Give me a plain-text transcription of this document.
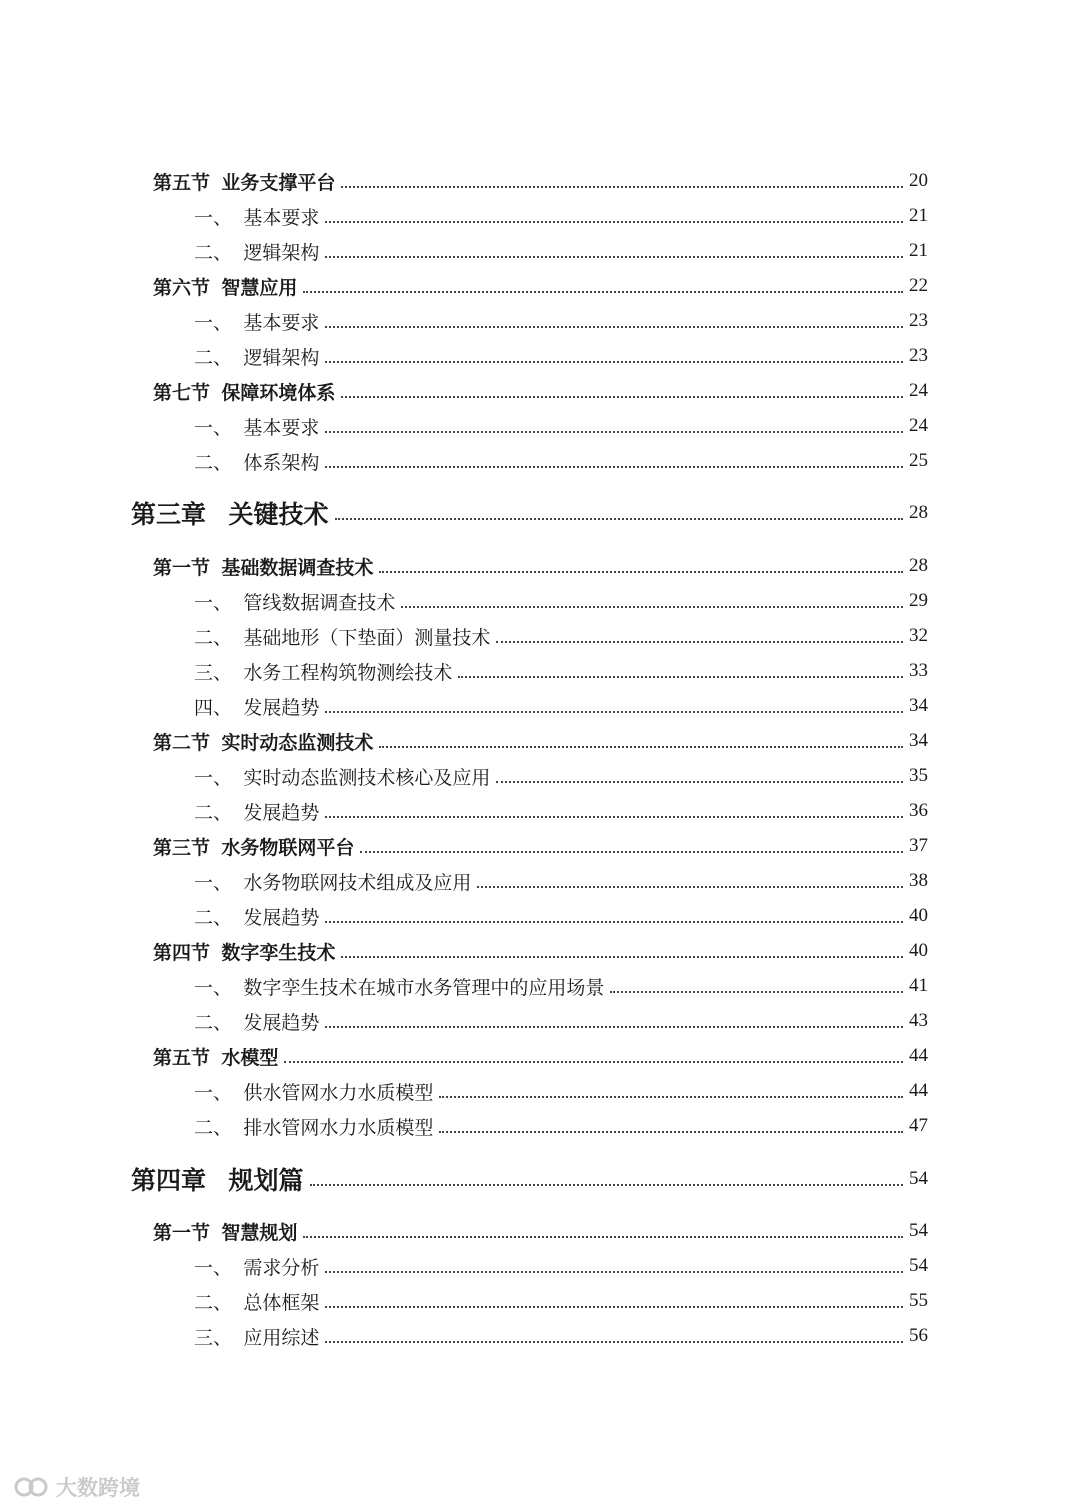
第五节 业务支撑平台	20
一、 基本要求	21
二、 逻辑架构	21
第六节 智慧应用	22
一、 基本要求	23
二、 逻辑架构	23
第七节 保障环境体系	24
一、 基本要求	24
二、 体系架构	25
第三章 关键技术	28
第一节 基础数据调查技术	28
一、 管线数据调查技术	29
二、 基础地形（下垫面）测量技术	32
三、 水务工程构筑物测绘技术	33
四、 发展趋势	34
第二节 实时动态监测技术	34
一、 实时动态监测技术核心及应用	35
二、 发展趋势	36
第三节 水务物联网平台	37
一、 水务物联网技术组成及应用	38
二、 发展趋势	40
第四节 数字孪生技术	40
一、 数字孪生技术在城市水务管理中的应用场景	41
二、 发展趋势	43
第五节 水模型	44
一、 供水管网水力水质模型	44
二、 排水管网水力水质模型	47
第四章 规划篇	54
第一节 智慧规划	54
一、 需求分析	54
二、 总体框架	55
三、 应用综述	56
大数跨境
